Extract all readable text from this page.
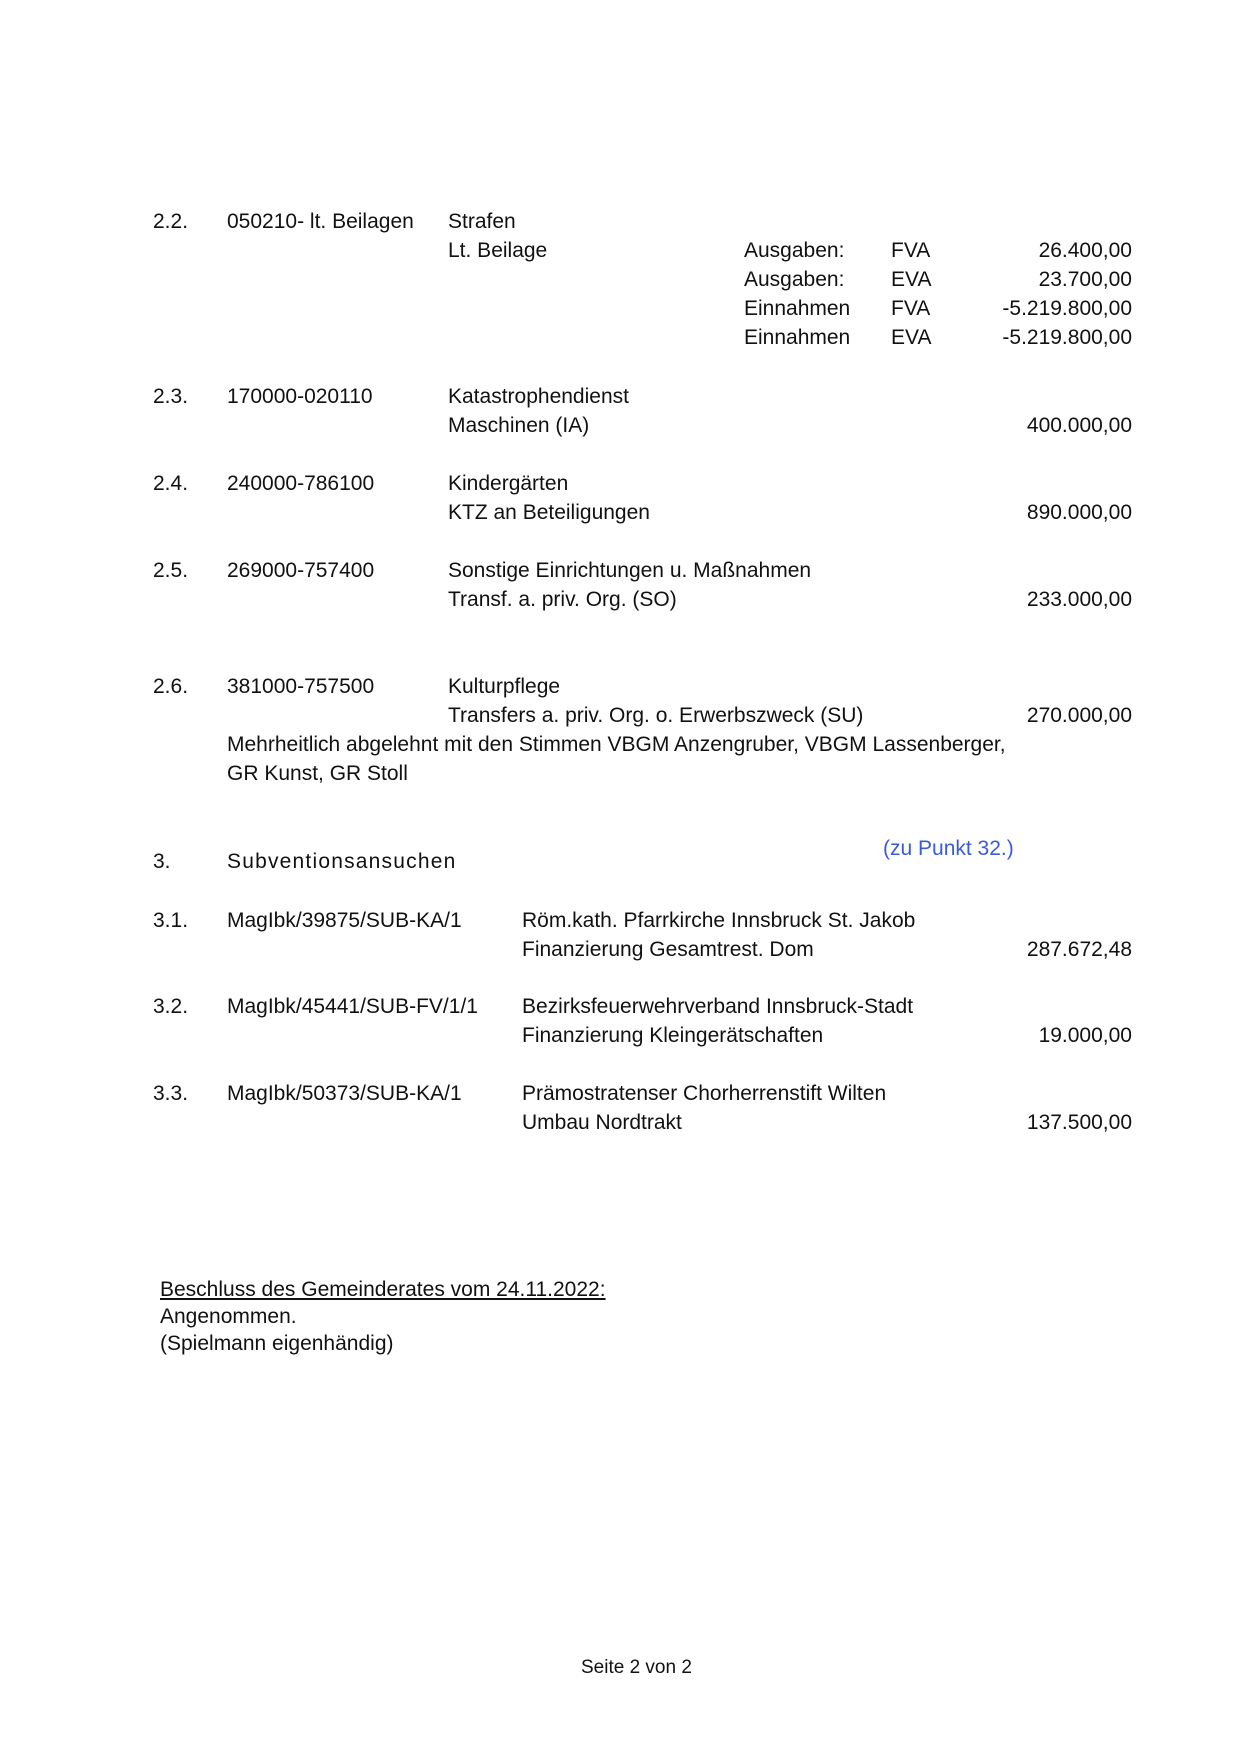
2.2. 050210- lt. Beilagen Strafen
Lt. Beilage	Ausgaben: FVA	26.400,00
Ausgaben: EVA	23.700,00
Einnahmen FVA	-5.219.800,00
Einnahmen EVA	-5.219.800,00
2.3. 170000-020110	Katastrophendienst
Maschinen (IA)	400.000,00
2.4. 240000-786100	Kindergärten
KTZ an Beteiligungen	890.000,00
2.5. 269000-757400	Sonstige Einrichtungen u. Maßnahmen
Transf. a. priv. Org. (SO)	233.000,00
2.6. 381000-757500	Kulturpflege
Transfers a. priv. Org. o. Erwerbszweck (SU)	270.000,00
Mehrheitlich abgelehnt mit den Stimmen VBGM Anzengruber, VBGM Lassenberger,
GR Kunst, GR Stoll
(zu Punkt 32.)
3.	Subventionsansuchen
3.1. MagIbk/39875/SUB-KA/1	Röm.kath. Pfarrkirche Innsbruck St. Jakob
Finanzierung Gesamtrest. Dom	287.672,48
3.2. MagIbk/45441/SUB-FV/1/1 Bezirksfeuerwehrverband Innsbruck-Stadt
Finanzierung Kleingerätschaften	19.000,00
3.3. MagIbk/50373/SUB-KA/1	Prämostratenser Chorherrenstift Wilten
Umbau Nordtrakt	137.500,00
Beschluss des Gemeinderates vom 24.11.2022:
Angenommen.
(Spielmann eigenhändig)
Seite 2 von 2
